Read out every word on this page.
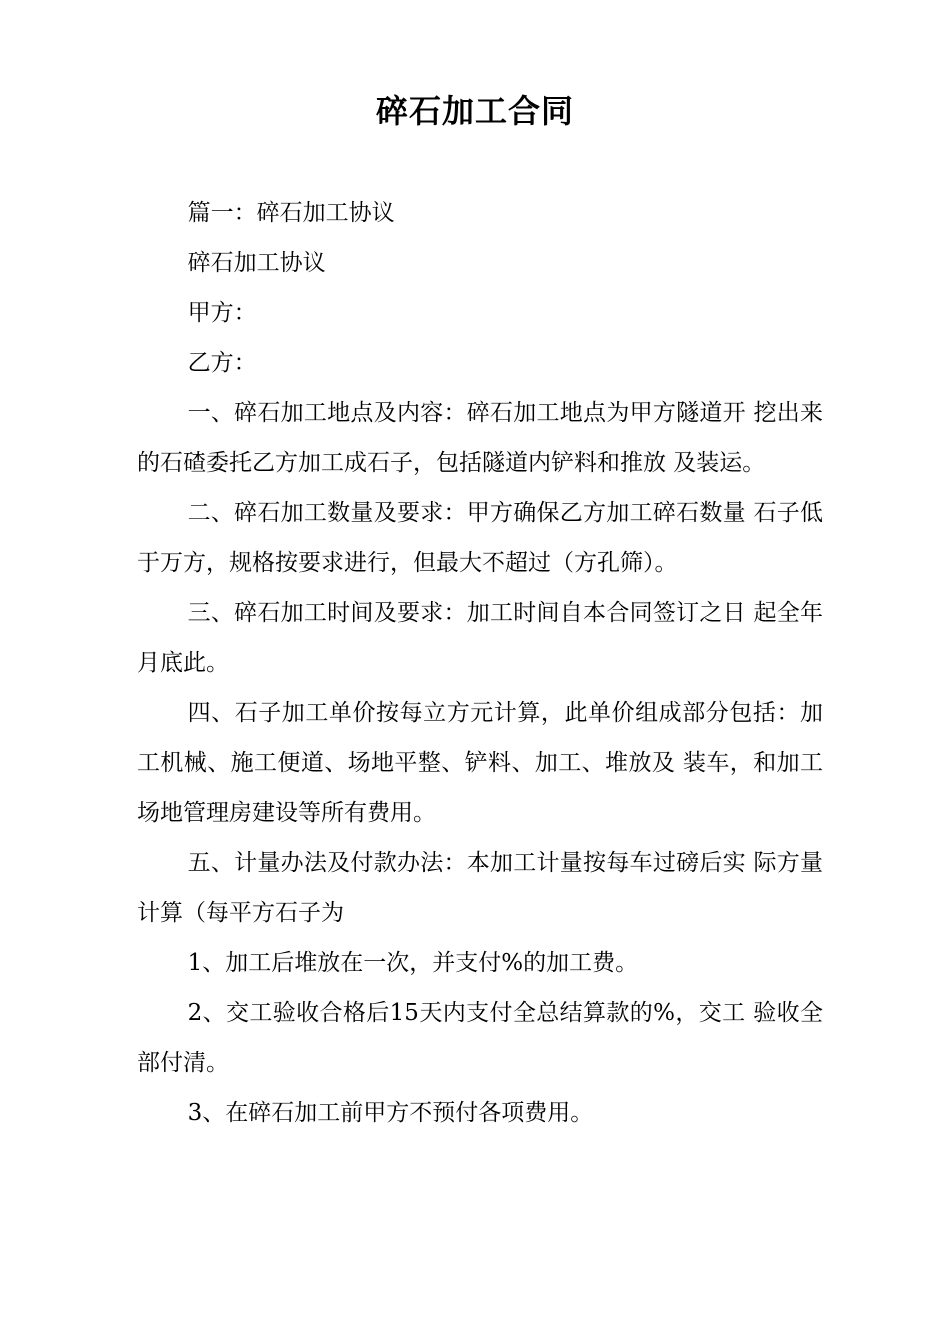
碎石加工合同

篇一：碎石加工协议

碎石加工协议

甲方：

乙方：

一、碎石加工地点及内容：碎石加工地点为甲方隧道开 挖出来的石碴委托乙方加工成石子，包括隧道内铲料和推放 及装运。

二、碎石加工数量及要求：甲方确保乙方加工碎石数量 石子低于万方，规格按要求进行，但最大不超过（方孔筛）。

三、碎石加工时间及要求：加工时间自本合同签订之日 起全年月底此。

四、石子加工单价按每立方元计算，此单价组成部分包括：加工机械、施工便道、场地平整、铲料、加工、堆放及 装车，和加工场地管理房建设等所有费用。

五、计量办法及付款办法：本加工计量按每车过磅后实 际方量计算（每平方石子为

1、加工后堆放在一次，并支付%的加工费。

2、交工验收合格后15天内支付全总结算款的%，交工 验收全部付清。

3、在碎石加工前甲方不预付各项费用。
